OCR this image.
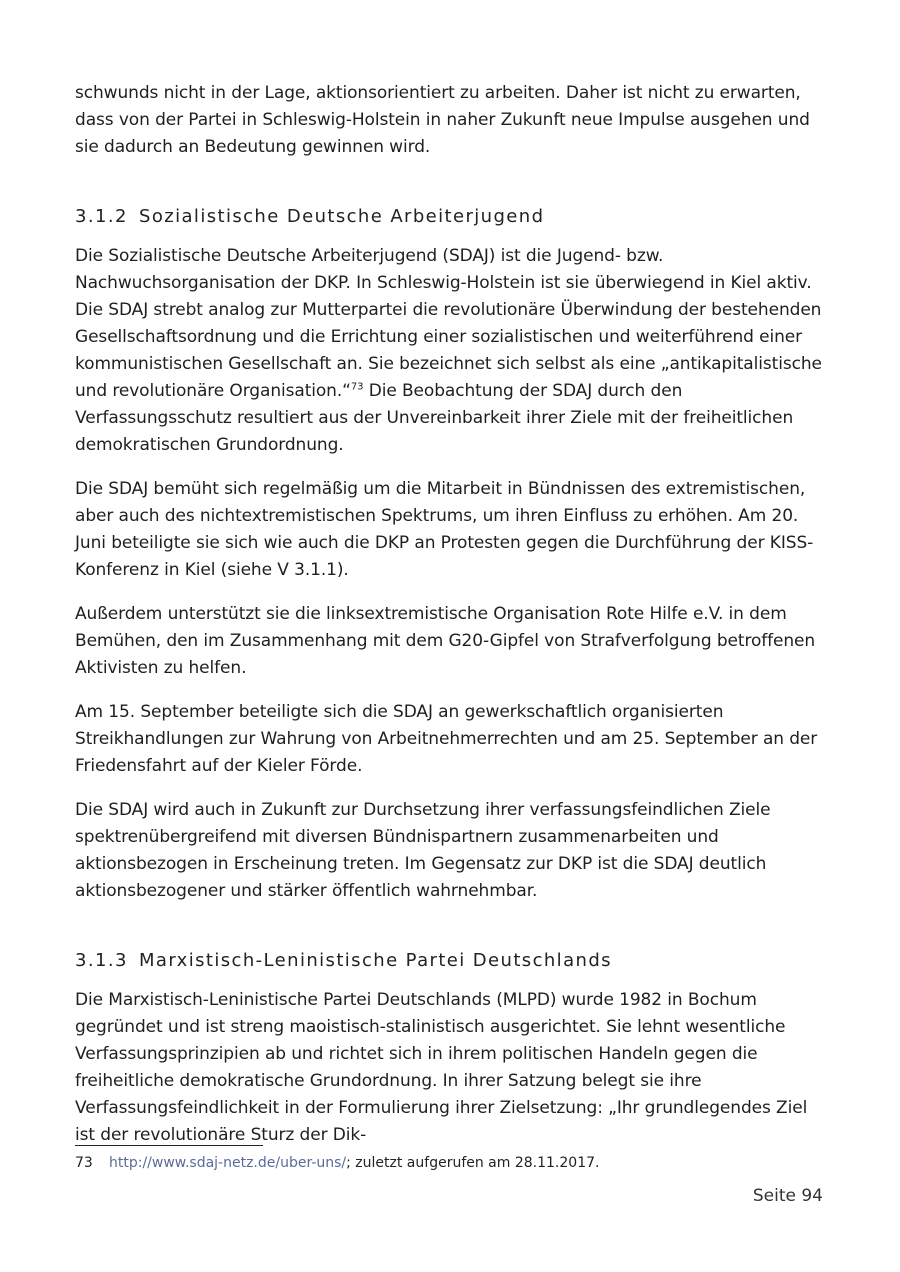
schwunds nicht in der Lage, aktionsorientiert zu arbeiten. Daher ist nicht zu erwarten, dass von der Partei in Schleswig-Holstein in naher Zukunft neue Impulse ausgehen und sie dadurch an Bedeutung gewinnen wird.

3.1.2 Sozialistische Deutsche Arbeiterjugend

Die Sozialistische Deutsche Arbeiterjugend (SDAJ) ist die Jugend- bzw. Nachwuchsorganisation der DKP. In Schleswig-Holstein ist sie überwiegend in Kiel aktiv. Die SDAJ strebt analog zur Mutterpartei die revolutionäre Überwindung der bestehenden Gesellschaftsordnung und die Errichtung einer sozialistischen und weiterführend einer kommunistischen Gesellschaft an. Sie bezeichnet sich selbst als eine „antikapitalistische und revolutionäre Organisation.“$^{73}$ Die Beobachtung der SDAJ durch den Verfassungsschutz resultiert aus der Unvereinbarkeit ihrer Ziele mit der freiheitlichen demokratischen Grundordnung.

Die SDAJ bemüht sich regelmäßig um die Mitarbeit in Bündnissen des extremistischen, aber auch des nichtextremistischen Spektrums, um ihren Einfluss zu erhöhen. Am 20. Juni beteiligte sie sich wie auch die DKP an Protesten gegen die Durchführung der KISS-Konferenz in Kiel (siehe V 3.1.1).

Außerdem unterstützt sie die linksextremistische Organisation Rote Hilfe e.V. in dem Bemühen, den im Zusammenhang mit dem G20-Gipfel von Strafverfolgung betroffenen Aktivisten zu helfen.

Am 15. September beteiligte sich die SDAJ an gewerkschaftlich organisierten Streikhandlungen zur Wahrung von Arbeitnehmerrechten und am 25. September an der Friedensfahrt auf der Kieler Förde.

Die SDAJ wird auch in Zukunft zur Durchsetzung ihrer verfassungsfeindlichen Ziele spektrenübergreifend mit diversen Bündnispartnern zusammenarbeiten und aktionsbezogen in Erscheinung treten. Im Gegensatz zur DKP ist die SDAJ deutlich aktionsbezogener und stärker öffentlich wahrnehmbar.

3.1.3 Marxistisch-Leninistische Partei Deutschlands

Die Marxistisch-Leninistische Partei Deutschlands (MLPD) wurde 1982 in Bochum gegründet und ist streng maoistisch-stalinistisch ausgerichtet. Sie lehnt wesentliche Verfassungsprinzipien ab und richtet sich in ihrem politischen Handeln gegen die freiheitliche demokratische Grundordnung. In ihrer Satzung belegt sie ihre Verfassungsfeindlichkeit in der Formulierung ihrer Zielsetzung: „Ihr grundlegendes Ziel ist der revolutionäre Sturz der Dik-

73 http://www.sdaj-netz.de/uber-uns/; zuletzt aufgerufen am 28.11.2017.
Seite 94
